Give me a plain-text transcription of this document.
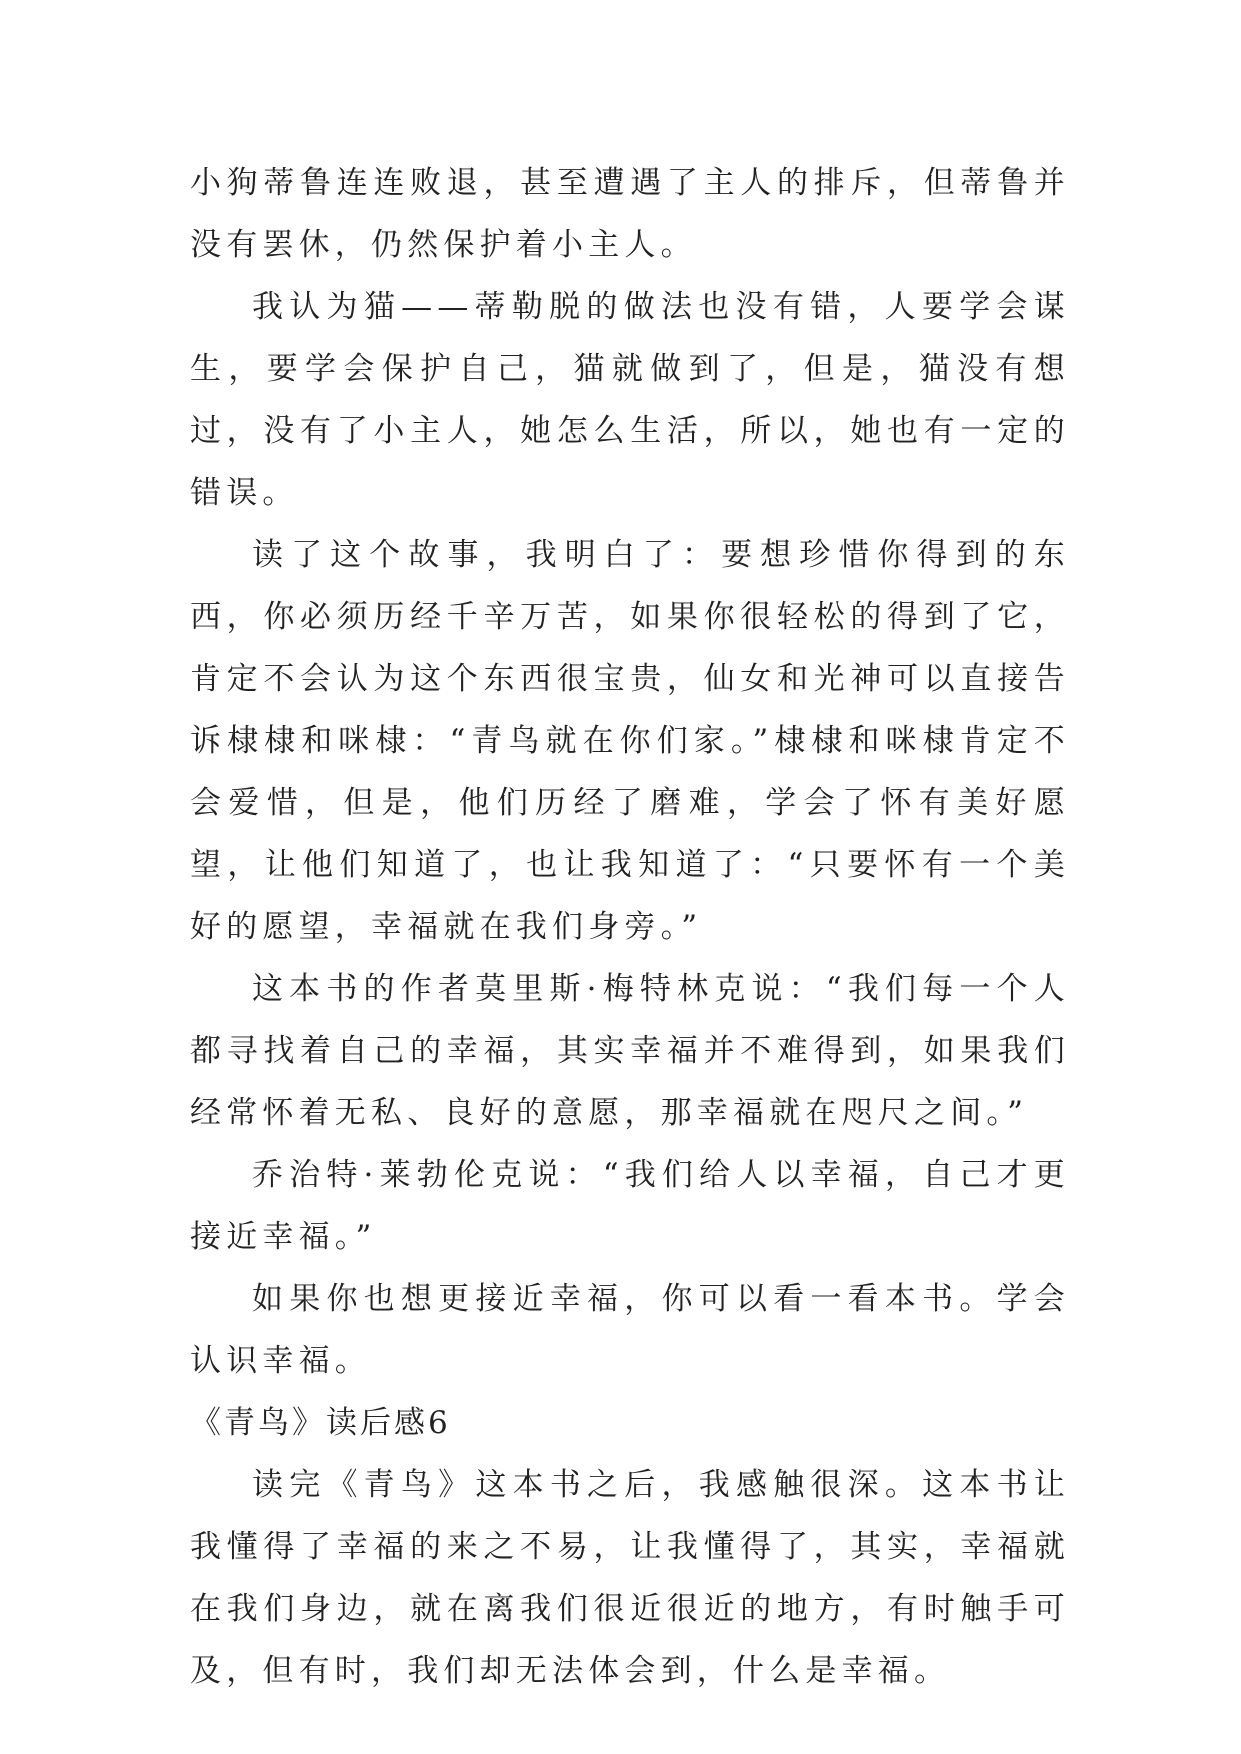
小狗蒂鲁连连败退，甚至遭遇了主人的排斥，但蒂鲁并没有罢休，仍然保护着小主人。

我认为猫——蒂勒脱的做法也没有错，人要学会谋生，要学会保护自己，猫就做到了，但是，猫没有想过，没有了小主人，她怎么生活，所以，她也有一定的错误。

读了这个故事，我明白了：要想珍惜你得到的东西，你必须历经千辛万苦，如果你很轻松的得到了它，肯定不会认为这个东西很宝贵，仙女和光神可以直接告诉棣棣和咪棣：“青鸟就在你们家。”棣棣和咪棣肯定不会爱惜，但是，他们历经了磨难，学会了怀有美好愿望，让他们知道了，也让我知道了：“只要怀有一个美好的愿望，幸福就在我们身旁。”

这本书的作者莫里斯·梅特林克说：“我们每一个人都寻找着自己的幸福，其实幸福并不难得到，如果我们经常怀着无私、良好的意愿，那幸福就在咫尺之间。”

乔治特·莱勃伦克说：“我们给人以幸福，自己才更接近幸福。”

如果你也想更接近幸福，你可以看一看本书。学会认识幸福。

《青鸟》读后感6

读完《青鸟》这本书之后，我感触很深。这本书让我懂得了幸福的来之不易，让我懂得了，其实，幸福就在我们身边，就在离我们很近很近的地方，有时触手可及，但有时，我们却无法体会到，什么是幸福。
